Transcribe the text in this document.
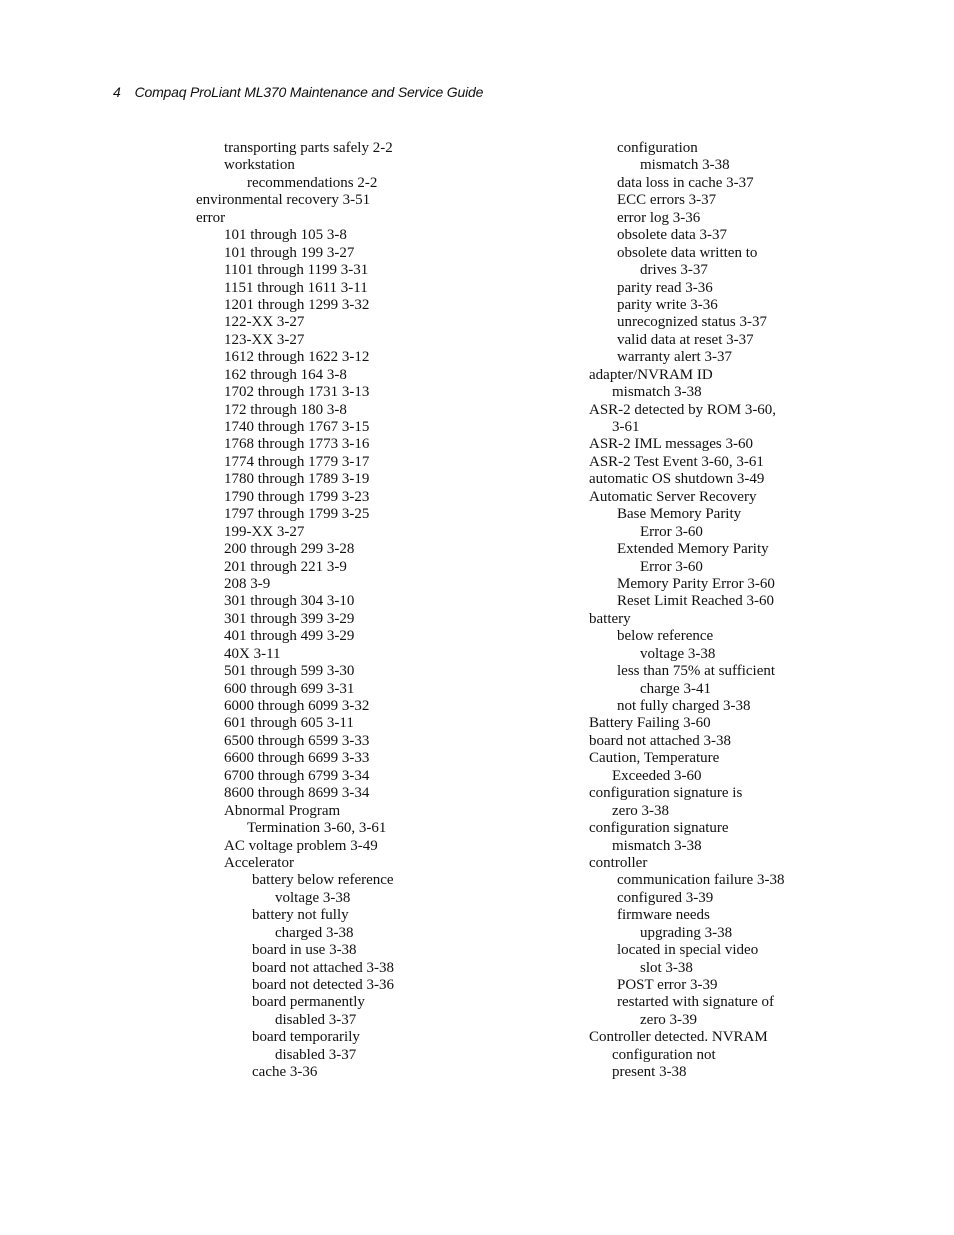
4 Compaq ProLiant ML370 Maintenance and Service Guide
transporting parts safely 2-2
workstation
recommendations 2-2
environmental recovery 3-51
error
101 through 105 3-8
101 through 199 3-27
1101 through 1199 3-31
1151 through 1611 3-11
1201 through 1299 3-32
122-XX 3-27
123-XX 3-27
1612 through 1622 3-12
162 through 164 3-8
1702 through 1731 3-13
172 through 180 3-8
1740 through 1767 3-15
1768 through 1773 3-16
1774 through 1779 3-17
1780 through 1789 3-19
1790 through 1799 3-23
1797 through 1799 3-25
199-XX 3-27
200 through 299 3-28
201 through 221 3-9
208 3-9
301 through 304 3-10
301 through 399 3-29
401 through 499 3-29
40X 3-11
501 through 599 3-30
600 through 699 3-31
6000 through 6099 3-32
601 through 605 3-11
6500 through 6599 3-33
6600 through 6699 3-33
6700 through 6799 3-34
8600 through 8699 3-34
Abnormal Program
Termination 3-60, 3-61
AC voltage problem 3-49
Accelerator
battery below reference
voltage 3-38
battery not fully
charged 3-38
board in use 3-38
board not attached 3-38
board not detected 3-36
board permanently
disabled 3-37
board temporarily
disabled 3-37
cache 3-36
configuration
mismatch 3-38
data loss in cache 3-37
ECC errors 3-37
error log 3-36
obsolete data 3-37
obsolete data written to
drives 3-37
parity read 3-36
parity write 3-36
unrecognized status 3-37
valid data at reset 3-37
warranty alert 3-37
adapter/NVRAM ID
mismatch 3-38
ASR-2 detected by ROM 3-60,
3-61
ASR-2 IML messages 3-60
ASR-2 Test Event 3-60, 3-61
automatic OS shutdown 3-49
Automatic Server Recovery
Base Memory Parity
Error 3-60
Extended Memory Parity
Error 3-60
Memory Parity Error 3-60
Reset Limit Reached 3-60
battery
below reference
voltage 3-38
less than 75% at sufficient
charge 3-41
not fully charged 3-38
Battery Failing 3-60
board not attached 3-38
Caution, Temperature
Exceeded 3-60
configuration signature is
zero 3-38
configuration signature
mismatch 3-38
controller
communication failure 3-38
configured 3-39
firmware needs
upgrading 3-38
located in special video
slot 3-38
POST error 3-39
restarted with signature of
zero 3-39
Controller detected. NVRAM
configuration not
present 3-38
